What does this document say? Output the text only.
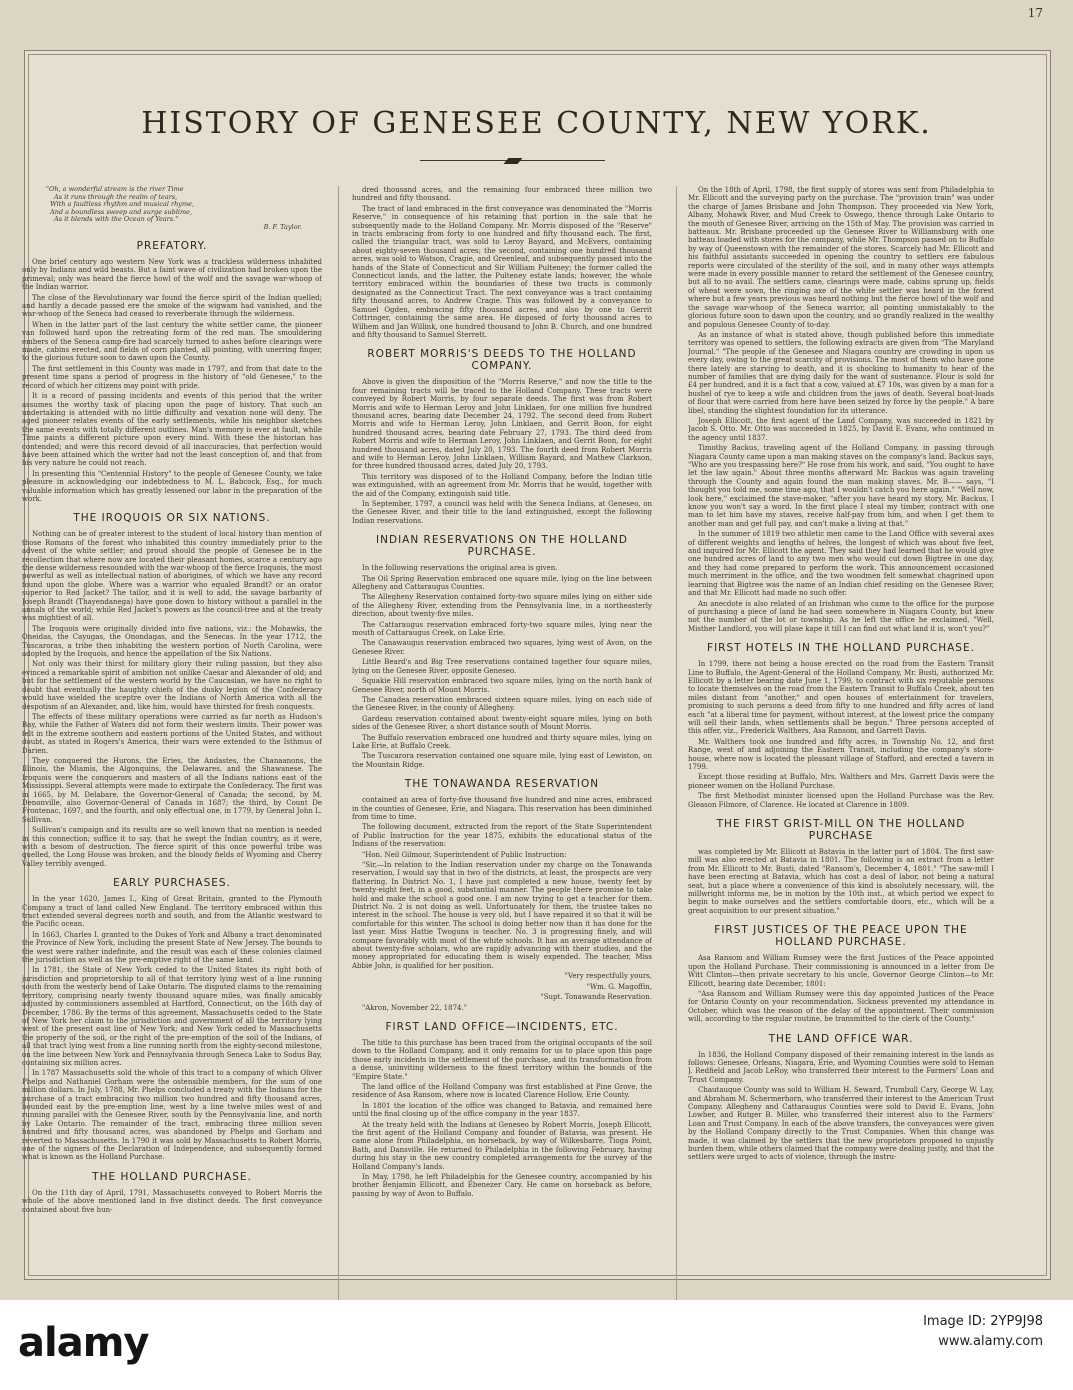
17
HISTORY OF GENESEE COUNTY, NEW YORK.
"Oh, a wonderful stream is the river Time
As it runs through the realm of tears,
With a faultless rhythm and musical rhyme,
And a boundless sweep and surge sublime,
As it blends with the Ocean of Years."
B. F. Taylor.
PREFATORY.

One brief century ago western New York was a trackless wilderness inhabited only by Indians and wild beasts. But a faint wave of civilization had broken upon the primeval; only was heard the fierce howl of the wolf and the savage war-whoop of the Indian warrior.

The close of the Revolutionary war found the fierce spirit of the Indian quelled; and hardly a decade passed ere the smoke of the wigwam had vanished, and the war-whoop of the Seneca had ceased to reverberate through the wilderness.

When in the latter part of the last century the white settler came, the pioneer van followed hard upon the retreating form of the red man. The smouldering embers of the Seneca camp-fire had scarcely turned to ashes before clearings were made, cabins erected, and fields of corn planted, all pointing, with unerring finger, to the glorious future soon to dawn upon the County.

The first settlement in this County was made in 1797, and from that date to the present time spans a period of progress in the history of "old Genesee," to the record of which her citizens may point with pride.

It is a record of passing incidents and events of this period that the writer assumes the worthy task of placing upon the page of history. That such an undertaking is attended with no little difficulty and vexation none will deny. The aged pioneer relates events of the early settlements, while his neighbor sketches the same events with totally different outlines. Man's memory is ever at fault, while Time paints a different picture upon every mind. With these the historian has contended; and were this record devoid of all inaccuracies, that perfection would have been attained which the writer had not the least conception of, and that from his very nature he could not reach.

In presenting this "Centennial History" to the people of Genesee County, we take pleasure in acknowledging our indebtedness to M. L. Babcock, Esq., for much valuable information which has greatly lessened our labor in the preparation of the work.

THE IROQUOIS OR SIX NATIONS.

Nothing can be of greater interest to the student of local history than mention of those Romans of the forest who inhabited this country immediately prior to the advent of the white settler; and proud should the people of Genesee be in the recollection that where now are located their pleasant homes, scarce a century ago the dense wilderness resounded with the war-whoop of the fierce Iroquois, the most powerful as well as intellectual nation of aborigines, of which we have any record found upon the globe. Where was a warrior who equaled Brandt? or an orator superior to Red Jacket? The tailor, and it is well to add, the savage barbarity of Joseph Brandt (Thayendanega) have gone down to history without a parallel in the annals of the world; while Red Jacket's powers as the council-tree and at the treaty was mightiest of all.

The Iroquois were originally divided into five nations, viz.: the Mohawks, the Oneidas, the Cayugas, the Onondagas, and the Senecas. In the year 1712, the Tuscaroras, a tribe then inhabiting the western portion of North Carolina, were adopted by the Iroquois, and hence the appellation of the Six Nations.

Not only was their thirst for military glory their ruling passion, but they also evinced a remarkable spirit of ambition not unlike Caesar and Alexander of old; and but for the settlement of the western world by the Caucasian, we have no right to doubt that eventually the haughty chiefs of the dusky legion of the Confederacy would have wielded the sceptre over the Indians of North America with all the despotism of an Alexander, and, like him, would have thirsted for fresh conquests.

The effects of these military operations were carried as far north as Hudson's Bay, while the Father of Waters did not form their western limits. Their power was felt in the extreme southern and eastern portions of the United States, and without doubt, as stated in Rogers's America, their wars were extended to the Isthmus of Darien.

They conquered the Hurons, the Eries, the Andastes, the Chanaanons, the Illinois, the Miamis, the Algonquins, the Delawares, and the Shawanese. The Iroquois were the conquerors and masters of all the Indians nations east of the Mississippi. Several attempts were made to extirpate the Confederacy. The first was in 1665, by M. Delabare, the Governor-General of Canada; the second, by M. Denonville, also Governor-General of Canada in 1687; the third, by Count De Frontenac, 1697, and the fourth, and only effectual one, in 1779, by General John L. Sullivan.

Sullivan's campaign and its results are so well known that no mention is needed in this connection; suffice it to say, that he swept the Indian country, as it were, with a besom of destruction. The fierce spirit of this once powerful tribe was quelled, the Long House was broken, and the bloody fields of Wyoming and Cherry Valley terribly avenged.

EARLY PURCHASES.

In the year 1620, James I., King of Great Britain, granted to the Plymouth Company a tract of land called New England. The territory embraced within this tract extended several degrees north and south, and from the Atlantic westward to the Pacific ocean.

In 1663, Charles I. granted to the Dukes of York and Albany a tract denominated the Province of New York, including the present State of New Jersey. The bounds to the west were rather indefinite, and the result was each of these colonies claimed the jurisdiction as well as the pre-emptive right of the same land.

In 1781, the State of New York ceded to the United States its right both of jurisdiction and proprietorship to all of that territory lying west of a line running south from the westerly bend of Lake Ontario. The disputed claims to the remaining territory, comprising nearly twenty thousand square miles, was finally amicably adjusted by commissioners assembled at Hartford, Connecticut, on the 16th day of December, 1786. By the terms of this agreement, Massachusetts ceded to the State of New York her claim to the jurisdiction and government of all the territory lying west of the present east line of New York; and New York ceded to Massachusetts the property of the soil, or the right of the pre-emption of the soil of the Indians, of all that tract lying west from a line running north from the eighty-second milestone, on the line between New York and Pennsylvania through Seneca Lake to Sodus Bay, containing six million acres.

In 1787 Massachusetts sold the whole of this tract to a company of which Oliver Phelps and Nathaniel Gorham were the ostensible members, for the sum of one million dollars. In July, 1788, Mr. Phelps concluded a treaty with the Indians for the purchase of a tract embracing two million two hundred and fifty thousand acres, bounded east by the pre-emption line, west by a line twelve miles west of and running parallel with the Genesee River, south by the Pennsylvania line, and north by Lake Ontario. The remainder of the tract, embracing three million seven hundred and fifty thousand acres, was abandoned by Phelps and Gorham and reverted to Massachusetts. In 1790 it was sold by Massachusetts to Robert Morris, one of the signers of the Declaration of Independence, and subsequently formed what is known as the Holland Purchase.

THE HOLLAND PURCHASE.

On the 11th day of April, 1791, Massachusetts conveyed to Robert Morris the whole of the above mentioned land in five distinct deeds. The first conveyance contained about five hun-

dred thousand acres, and the remaining four embraced three million two hundred and fifty thousand.

The tract of land embraced in the first conveyance was denominated the "Morris Reserve," in consequence of his retaining that portion in the sale that he subsequently made to the Holland Company. Mr. Morris disposed of the "Reserve" in tracts embracing from forty to one hundred and fifty thousand each. The first, called the triangular tract, was sold to Leroy Bayard, and McEvers, containing about eighty-seven thousand acres; the second, containing one hundred thousand acres, was sold to Watson, Cragie, and Greenleaf, and subsequently passed into the hands of the State of Connecticut and Sir William Pulteney; the former called the Connecticut lands, and the latter, the Pulteney estate lands; however, the whole territory embraced within the boundaries of these two tracts is commonly designated as the Connecticut Tract. The next conveyance was a tract containing fifty thousand acres, to Andrew Cragie. This was followed by a conveyance to Samuel Ogden, embracing fifty thousand acres, and also by one to Gerrit Cottringer, containing the same area. He disposed of forty thousand acres to Wilhem and Jan Willink, one hundred thousand to John B. Church, and one hundred and fifty thousand to Samuel Sterrett.

ROBERT MORRIS'S DEEDS TO THE HOLLAND COMPANY.

Above is given the disposition of the "Morris Reserve," and now the title to the four remaining tracts will be traced to the Holland Company. These tracts were conveyed by Robert Morris, by four separate deeds. The first was from Robert Morris and wife to Herman Leroy and John Linklaen, for one million five hundred thousand acres, bearing date December 24, 1792. The second deed from Robert Morris and wife to Herman Leroy, John Linklaen, and Gerrit Boon, for eight hundred thousand acres, bearing date February 27, 1793. The third deed from Robert Morris and wife to Herman Leroy, John Linklaen, and Gerrit Boon, for eight hundred thousand acres, dated July 20, 1793. The fourth deed from Robert Morris and wife to Herman Leroy, John Linklaen, William Bayard, and Mathew Clarkson, for three hundred thousand acres, dated July 20, 1793.

This territory was disposed of to the Holland Company, before the Indian title was extinguished, with an agreement from Mr. Morris that he would, together with the aid of the Company, extinguish said title.

In September, 1797, a council was held with the Seneca Indians, at Geneseo, on the Genesee River, and their title to the land extinguished, except the following Indian reservations.

INDIAN RESERVATIONS ON THE HOLLAND PURCHASE.

In the following reservations the original area is given.

The Oil Spring Reservation embraced one square mile, lying on the line between Allegheny and Cattaraugus Counties.

The Allegheny Reservation contained forty-two square miles lying on either side of the Allegheny River, extending from the Pennsylvania line, in a northeasterly direction, about twenty-five miles.

The Cattaraugus reservation embraced forty-two square miles, lying near the mouth of Cattaraugus Creek, on Lake Erie.

The Canawaugus reservation embraced two squares, lying west of Avon, on the Genesee River.

Little Beard's and Big Tree reservations contained together four square miles, lying on the Genesee River, opposite Geneseo.

Squakie Hill reservation embraced two square miles, lying on the north bank of Genesee River, north of Mount Morris.

The Canadea reservation embraced sixteen square miles, lying on each side of the Genesee River, in the county of Allegheny.

Gardeau reservation contained about twenty-eight square miles, lying on both sides of the Genesee River, a short distance south of Mount Morris.

The Buffalo reservation embraced one hundred and thirty square miles, lying on Lake Erie, at Buffalo Creek.

The Tuscarora reservation contained one square mile, lying east of Lewiston, on the Mountain Ridge.

THE TONAWANDA RESERVATION

contained an area of forty-five thousand five hundred and nine acres, embraced in the counties of Genesee, Erie, and Niagara. This reservation has been diminished from time to time.

The following document, extracted from the report of the State Superintendent of Public Instruction for the year 1875, exhibits the educational status of the Indians of the reservation:

"Hon. Neil Gilmour, Superintendent of Public Instruction:

"Sir,—In relation to the Indian reservation under my charge on the Tonawanda reservation, I would say that in two of the districts, at least, the prospects are very flattering. In District No. 1, I have just completed a new house, twenty feet by twenty-eight feet, in a good, substantial manner. The people there promise to take hold and make the school a good one. I am now trying to get a teacher for them. District No. 2 is not doing as well. Unfortunately for them, the trustee takes no interest in the school. The house is very old, but I have repaired it so that it will be comfortable for this winter. The school is doing better now than it has done for the last year. Miss Hattie Twoguns is teacher. No. 3 is progressing finely, and will compare favorably with most of the white schools. It has an average attendance of about twenty-five scholars, who are rapidly advancing with their studies, and the money appropriated for educating them is wisely expended. The teacher, Miss Abbie John, is qualified for her position.

"Very respectfully yours,

"Wm. G. Magoffin,

"Supt. Tonawanda Reservation.

"Akron, November 22, 1874."

FIRST LAND OFFICE—INCIDENTS, ETC.

The title to this purchase has been traced from the original occupants of the soil down to the Holland Company, and it only remains for us to place upon this page those early incidents in the settlement of the purchase, and its transformation from a dense, uninviting wilderness to the finest territory within the bounds of the "Empire State."

The land office of the Holland Company was first established at Pine Grove, the residence of Asa Ransom, where now is located Clarence Hollow, Erie County.

In 1801 the location of the office was changed to Batavia, and remained here until the final closing up of the office company in the year 1837.

At the treaty held with the Indians at Geneseo by Robert Morris, Joseph Ellicott, the first agent of the Holland Company and founder of Batavia, was present. He came alone from Philadelphia, on horseback, by way of Wilkesbarre, Tioga Point, Bath, and Dansville. He returned to Philadelphia in the following February, having during his stay in the new country completed arrangements for the survey of the Holland Company's lands.

In May, 1798, he left Philadelphia for the Genesee country, accompanied by his brother Benjamin Ellicott, and Ebenezer Cary. He came on horseback as before, passing by way of Avon to Buffalo.

On the 18th of April, 1798, the first supply of stores was sent from Philadelphia to Mr. Ellicott and the surveying party on the purchase. The "provision train" was under the charge of James Brisbane and John Thompson. They proceeded via New York, Albany, Mohawk River, and Mud Creek to Oswego, thence through Lake Ontario to the mouth of Genesee River, arriving on the 15th of May. The provision was carried in batteaux. Mr. Brisbane proceeded up the Genesee River to Williamsburg with one batteau loaded with stores for the company, while Mr. Thompson passed on to Buffalo by way of Queenstown with the remainder of the stores. Scarcely had Mr. Ellicott and his faithful assistants succeeded in opening the country to settlers ere fabulous reports were circulated of the sterility of the soil, and in many other ways attempts were made in every possible manner to retard the settlement of the Genesee country, but all to no avail. The settlers came, clearings were made, cabins sprung up, fields of wheat were sown, the ringing axe of the white settler was heard in the forest where but a few years previous was heard nothing but the fierce howl of the wolf and the savage war-whoop of the Seneca warrior, all pointing unmistakably to the glorious future soon to dawn upon the country, and so grandly realized in the wealthy and populous Genesee County of to-day.

As an instance of what is stated above, though published before this immediate territory was opened to settlers, the following extracts are given from "The Maryland Journal." "The people of the Genesee and Niagara country are crowding in upon us every day, owing to the great scarcity of provisions. The most of them who have gone there lately are starving to death, and it is shocking to humanity to hear of the number of families that are dying daily for the want of sustenance. Flour is sold for £4 per hundred, and it is a fact that a cow, valued at £7 10s, was given by a man for a bushel of rye to keep a wife and children from the jaws of death. Several boat-loads of flour that were carried from here have been seized by force by the people." A bare libel, standing the slightest foundation for its utterance.

Joseph Ellicott, the first agent of the Land Company, was succeeded in 1821 by Jacob S. Otto. Mr. Otto was succeeded in 1825, by David E. Evans, who continued in the agency until 1837.

Timothy Backus, traveling agent of the Holland Company, in passing through Niagara County came upon a man making staves on the company's land. Backus says, "Who are you trespassing here?" He rose from his work, and said, "You ought to have let the law again." About three months afterward Mr. Backus was again traveling through the County and again found the man making staves. Mr. B—— says, "I thought you told me, some time ago, that I wouldn't catch you here again." "Well now, look here," exclaimed the stave-maker, "after you have heard my story, Mr. Backus, I know you won't say a word. In the first place I steal my timber, contract with one man to let him have my staves, receive half-pay from him, and when I get them to another man and get full pay, and can't make a living at that."

In the summer of 1819 two athletic men came to the Land Office with several axes of different weights and lengths of helves, the longest of which was about five feet, and inquired for Mr. Ellicott the agent. They said they had learned that he would give one hundred acres of land to any two men who would cut down Bigtree in one day, and they had come prepared to perform the work. This announcement occasioned much merriment in the office, and the two woodmen felt somewhat chagrined upon learning that Bigtree was the name of an Indian chief residing on the Genesee River, and that Mr. Ellicott had made no such offer.

An anecdote is also related of an Irishman who came to the office for the purpose of purchasing a piece of land he had seen somewhere in Niagara County, but knew not the number of the lot or township. As he left the office he exclaimed, "Well, Misther Landlord, you will plase kape it till I can find out what land it is, won't you?"

FIRST HOTELS IN THE HOLLAND PURCHASE.

In 1799, there not being a house erected on the road from the Eastern Transit Line to Buffalo, the Agent-General of the Holland Company, Mr. Busti, authorized Mr. Ellicott by a letter bearing date June 1, 1799, to contract with six reputable persons to locate themselves on the road from the Eastern Transit to Buffalo Creek, about ten miles distant from "another," and open houses of entertainment for travelers, promising to such persons a deed from fifty to one hundred and fifty acres of land each "at a liberal time for payment, without interest, at the lowest price the company will sell their lands, when settlements shall be begun." Three persons accepted of this offer, viz., Frederick Walthers, Asa Ransom, and Garrett Davis.

Mr. Walthers took one hundred and fifty acres, in Township No. 12, and first Range, west of and adjoining the Eastern Transit, including the company's store-house, where now is located the pleasant village of Stafford, and erected a tavern in 1799.

Except those residing at Buffalo, Mrs. Walthers and Mrs. Garrett Davis were the pioneer women on the Holland Purchase.

The first Methodist minister licensed upon the Holland Purchase was the Rev. Gleason Filmore, of Clarence. He located at Clarence in 1809.

THE FIRST GRIST-MILL ON THE HOLLAND PURCHASE

was completed by Mr. Ellicott at Batavia in the latter part of 1804. The first saw-mill was also erected at Batavia in 1801. The following is an extract from a letter from Mr. Ellicott to Mr. Busti, dated "Ransom's, December 4, 1801." "The saw-mill I have been erecting at Batavia, which has cost a deal of labor, not being a natural seat, but a place where a convenience of this kind is absolutely necessary, will, the millwright informs me, be in motion by the 10th inst., at which period we expect to begin to make ourselves and the settlers comfortable doors, etc., which will be a great acquisition to our present situation."

FIRST JUSTICES OF THE PEACE UPON THE HOLLAND PURCHASE.

Asa Ransom and William Rumsey were the first Justices of the Peace appointed upon the Holland Purchase. Their commissioning is announced in a letter from De Witt Clinton—then private secretary to his uncle, Governor George Clinton—to Mr. Ellicott, bearing date December, 1801:

"Asa Ransom and William Rumsey were this day appointed Justices of the Peace for Ontario County on your recommendation. Sickness prevented my attendance in October, which was the reason of the delay of the appointment. Their commission will, according to the regular routine, be transmitted to the clerk of the County."

THE LAND OFFICE WAR.

In 1836, the Holland Company disposed of their remaining interest in the lands as follows: Genesee, Orleans, Niagara, Erie, and Wyoming Counties were sold to Heman J. Redfield and Jacob LeRoy, who transferred their interest to the Farmers' Loan and Trust Company.

Chautauque County was sold to William H. Seward, Trumbull Cary, George W. Lay, and Abraham M. Schermerhorn, who transferred their interest to the American Trust Company. Allegheny and Cattaraugus Counties were sold to David E. Evans, John Lowber, and Rutger B. Miller, who transferred their interest also to the Farmers' Loan and Trust Company. In each of the above transfers, the conveyances were given by the Holland Company directly to the Trust Companies. When this change was made, it was claimed by the settlers that the new proprietors proposed to unjustly burden them, while others claimed that the company were dealing justly, and that the settlers were urged to acts of violence, through the instru-

alamy	Image ID: 2YP9J98
www.alamy.com
